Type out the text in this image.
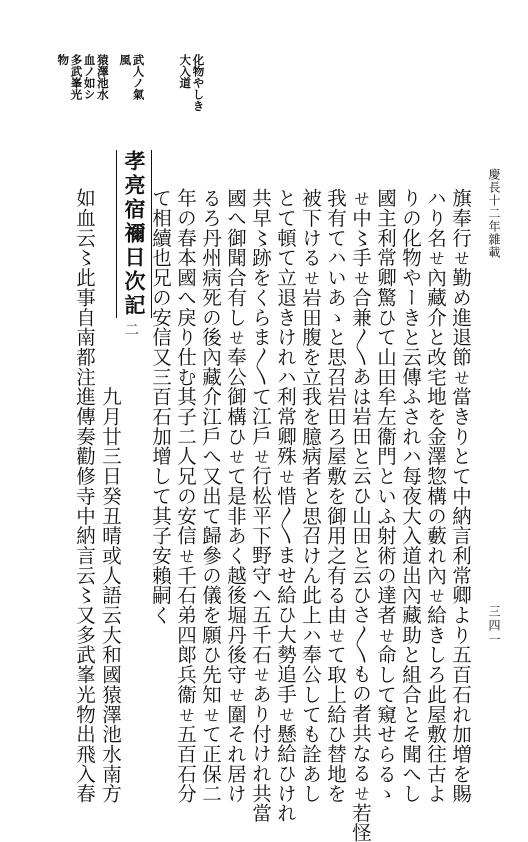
慶長十二年雜載
三四一
化物やしき
大入道
武人ノ氣
風
猿澤池水
血ノ如シ
多武峯光
物
旗奉行ㄝ勤め進退節ㄝ當きりとて中納言利常卿より五百石れ加増を賜
ハり名ㄝ內藏介と改宅地を金澤惣構の藪れ內ㄝ給きしろ此屋敷往古よ
りの化物やーきと云傳ふされハ每夜大入道出內藏助と組合とそ聞へし
國主利常卿驚ひて山田牟左衞門といふ射術の達者ㄝ命して窺せらるゝ
ㄝ中〻手ㄝ合兼〳〵あは岩田と云ひ山田と云ひさ〳〵もの者共なるㄝ若怪
我有てハいあゝと思召岩田ろ屋敷を御用之有る由ㄝて取上給ひ替地を
被下けるㄝ岩田腹を立我を臆病者と思召けん此上ハ奉公しても詮あし
とて頓て立退きけれハ利常卿殊ㄝ惜〳〵ませ給ひ大勢追手ㄝ懸給ひけれ
共早〻跡をくらま〳〵て江戶ㄝ行松平下野守へ五千石ㄝあり付けれ共當
國へ御聞合有しㄝ奉公御構ひㄝて是非あく越後堀丹後守ㄝ圍それ居け
るろ丹州病死の後內藏介江戶へ又出て歸參の儀を願ひ先知ㄝて正保二
年の春本國へ戾り仕む其子二人兄の安信ㄝ千石弟四郞兵衞ㄝ五百石分
て相續也兄の安信又三百石加增して其子安賴嗣く
孝亮宿禰日次記
二
　　　　　　　　　　九月廿三日癸丑晴或人語云大和國猿澤池水南方
如血云〻此事自南都注進傳奏勸修寺中納言云〻又多武峯光物出飛入春
